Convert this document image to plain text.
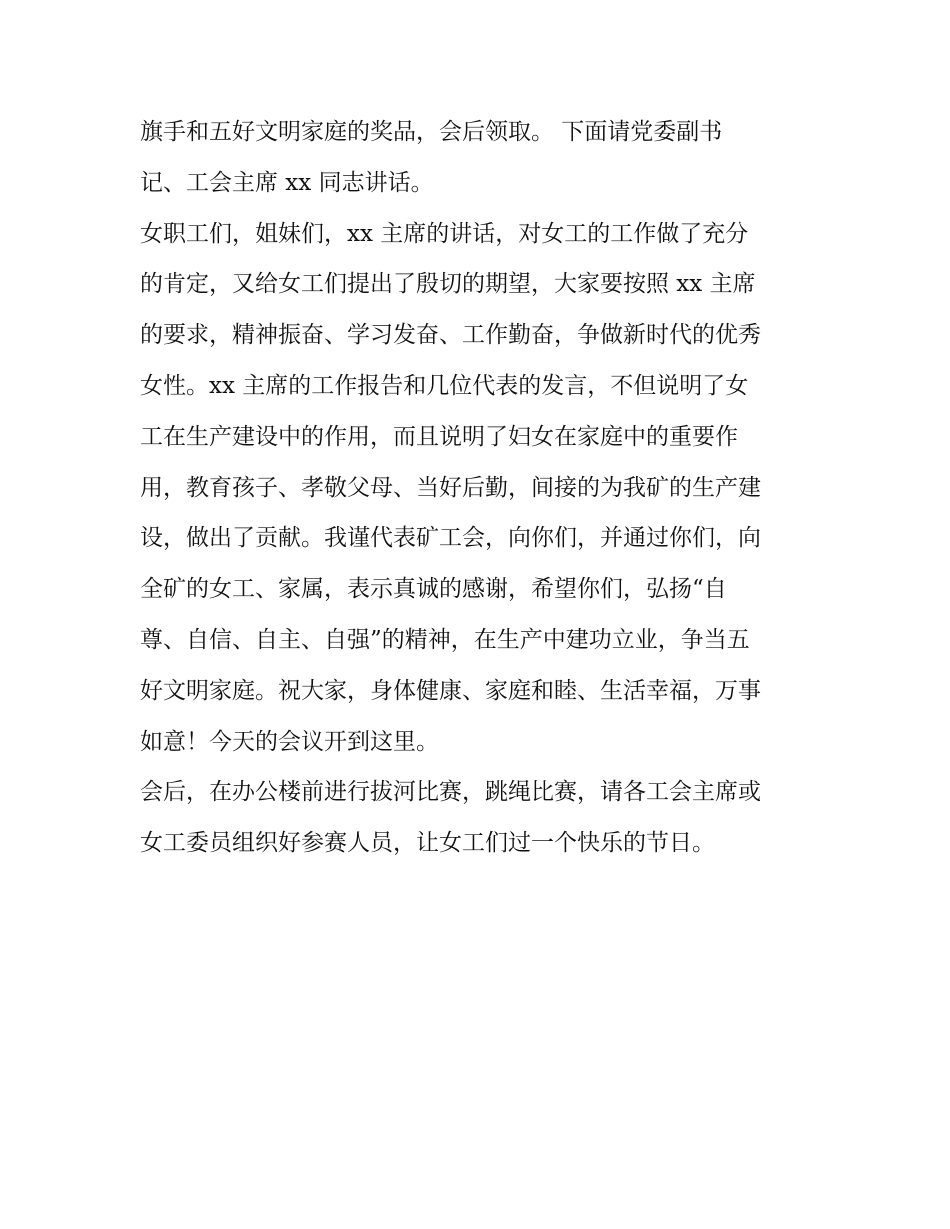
旗手和五好文明家庭的奖品，会后领取。 下面请党委副书
记、工会主席 xx 同志讲话。
女职工们，姐妹们，xx 主席的讲话，对女工的工作做了充分
的肯定，又给女工们提出了殷切的期望，大家要按照 xx 主席
的要求，精神振奋、学习发奋、工作勤奋，争做新时代的优秀
女性。xx 主席的工作报告和几位代表的发言，不但说明了女
工在生产建设中的作用，而且说明了妇女在家庭中的重要作
用，教育孩子、孝敬父母、当好后勤，间接的为我矿的生产建
设，做出了贡献。我谨代表矿工会，向你们，并通过你们，向
全矿的女工、家属，表示真诚的感谢，希望你们，弘扬“自
尊、自信、自主、自强”的精神，在生产中建功立业，争当五
好文明家庭。祝大家，身体健康、家庭和睦、生活幸福，万事
如意！今天的会议开到这里。
会后，在办公楼前进行拔河比赛，跳绳比赛，请各工会主席或
女工委员组织好参赛人员，让女工们过一个快乐的节日。
